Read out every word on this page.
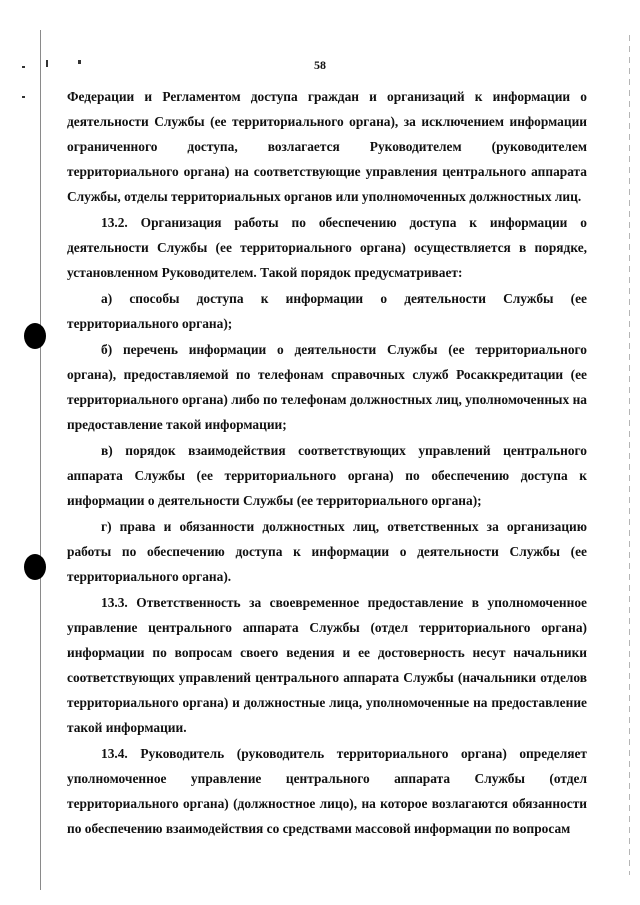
58

Федерации и Регламентом доступа граждан и организаций к информации о деятельности Службы (ее территориального органа), за исключением информации ограниченного доступа, возлагается Руководителем (руководителем территориального органа) на соответствующие управления центрального аппарата Службы, отделы территориальных органов или уполномоченных должностных лиц.

13.2. Организация работы по обеспечению доступа к информации о деятельности Службы (ее территориального органа) осуществляется в порядке, установленном Руководителем. Такой порядок предусматривает:

а) способы доступа к информации о деятельности Службы (ее территориального органа);

б) перечень информации о деятельности Службы (ее территориального органа), предоставляемой по телефонам справочных служб Росаккредитации (ее территориального органа) либо по телефонам должностных лиц, уполномоченных на предоставление такой информации;

в) порядок взаимодействия соответствующих управлений центрального аппарата Службы (ее территориального органа) по обеспечению доступа к информации о деятельности Службы (ее территориального органа);

г) права и обязанности должностных лиц, ответственных за организацию работы по обеспечению доступа к информации о деятельности Службы (ее территориального органа).

13.3. Ответственность за своевременное предоставление в уполномоченное управление центрального аппарата Службы (отдел территориального органа) информации по вопросам своего ведения и ее достоверность несут начальники соответствующих управлений центрального аппарата Службы (начальники отделов территориального органа) и должностные лица, уполномоченные на предоставление такой информации.

13.4. Руководитель (руководитель территориального органа) определяет уполномоченное управление центрального аппарата Службы (отдел территориального органа) (должностное лицо), на которое возлагаются обязанности по обеспечению взаимодействия со средствами массовой информации по вопросам
